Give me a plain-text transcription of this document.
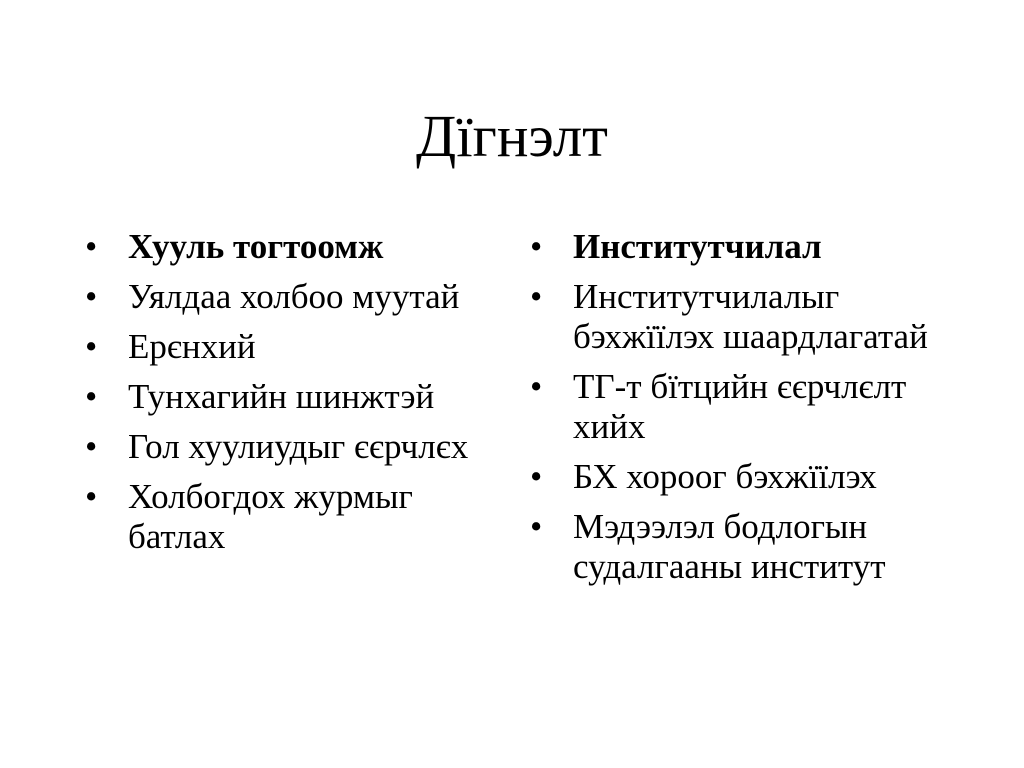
Дїгнэлт
• Хууль тогтоомж
• Уялдаа холбоо муутай
• Ерєнхий
• Тунхагийн шинжтэй
• Гол хуулиудыг єєрчлєх
• Холбогдох журмыг батлах
• Институтчилал
• Институтчилалыг бэхжїїлэх шаардлагатай
• ТГ-т бїтцийн єєрчлєлт хийх
• БХ хороог бэхжїїлэх
• Мэдээлэл бодлогын судалгааны институт
